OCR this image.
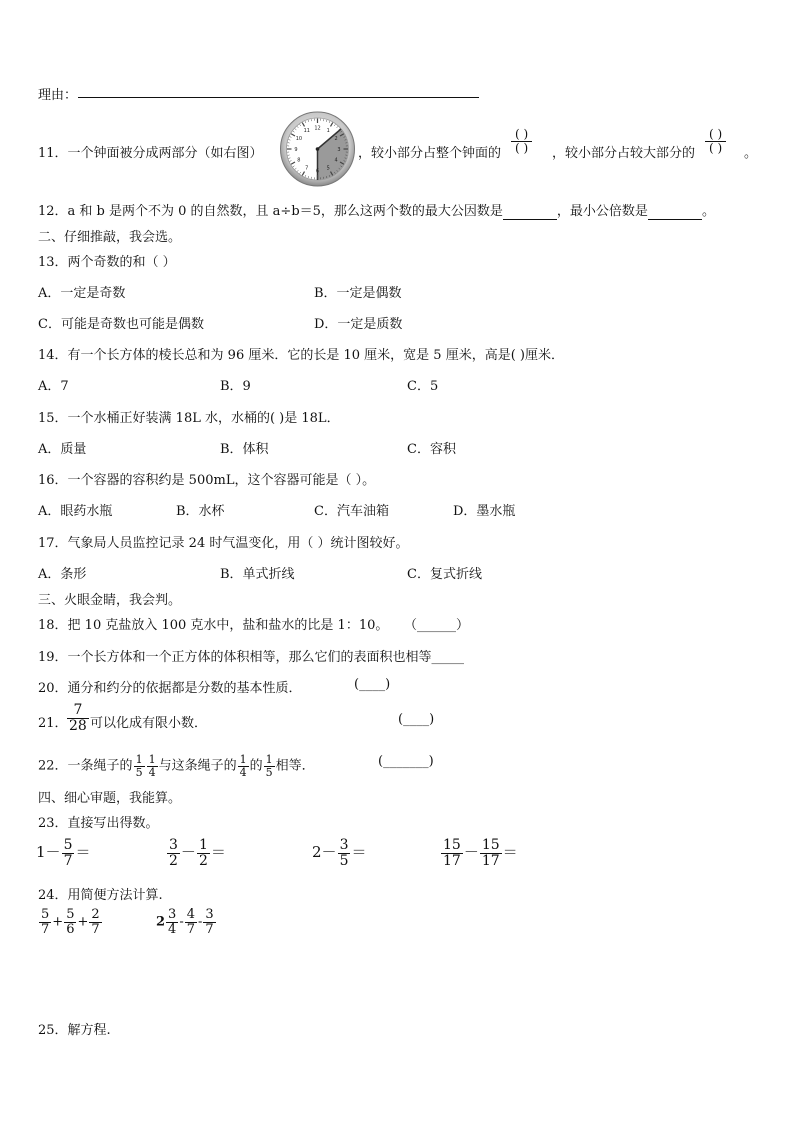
理由：
11．一个钟面被分成两部分（如右图）
12 1
2
3
4
5
6
7
8
9
10
11
，较小部分占整个钟面的
( )
( )	，较小部分占较大部分的
( )
( )	。
12．a 和 b 是两个不为 0 的自然数，且 a÷b＝5，那么这两个数的最大公因数是	，最小公倍数是	。
二、仔细推敲，我会选。
13．两个奇数的和（ ）
A．一定是奇数	B．一定是偶数
C．可能是奇数也可能是偶数	D．一定是质数
14．有一个长方体的棱长总和为 96 厘米．它的长是 10 厘米，宽是 5 厘米，高是( )厘米．
A．7	B．9	C．5
15．一个水桶正好装满 18L 水，水桶的( )是 18L．
A．质量	B．体积	C．容积
16．一个容器的容积约是 500mL，这个容器可能是（ ）。
A．眼药水瓶	B．水杯	C．汽车油箱	D．墨水瓶
17．气象局人员监控记录 24 时气温变化，用（ ）统计图较好。
A．条形	B．单式折线	C．复式折线
三、火眼金睛，我会判。
18．把 10 克盐放入 100 克水中，盐和盐水的比是 1：10。 （______）
19．一个长方体和一个正方体的体积相等，那么它们的表面积也相等_____
20．通分和约分的依据都是分数的基本性质．	(____)
21． $\frac{7}{28}$ 可以化成有限小数．	(____)
22．一条绳子的 $\frac{1}{5} \frac{1}{4}$ 与这条绳子的 $\frac{1}{4}$ 的 $\frac{1}{5}$ 相等．	(_______)
四、细心审题，我能算。
23．直接写出得数。
$1- \frac{5}{7}$ ＝	$\frac{3}{2} - \frac{1}{2}$ ＝	$2- \frac{3}{5}$ ＝	$\frac{15}{17} - \frac{15}{17}$ ＝
24．用简便方法计算.
$\frac{5}{7} + \frac{5}{6} + \frac{2}{7}$	$2 \frac{3}{4} - \frac{4}{7} - \frac{3}{7}$
25．解方程.
